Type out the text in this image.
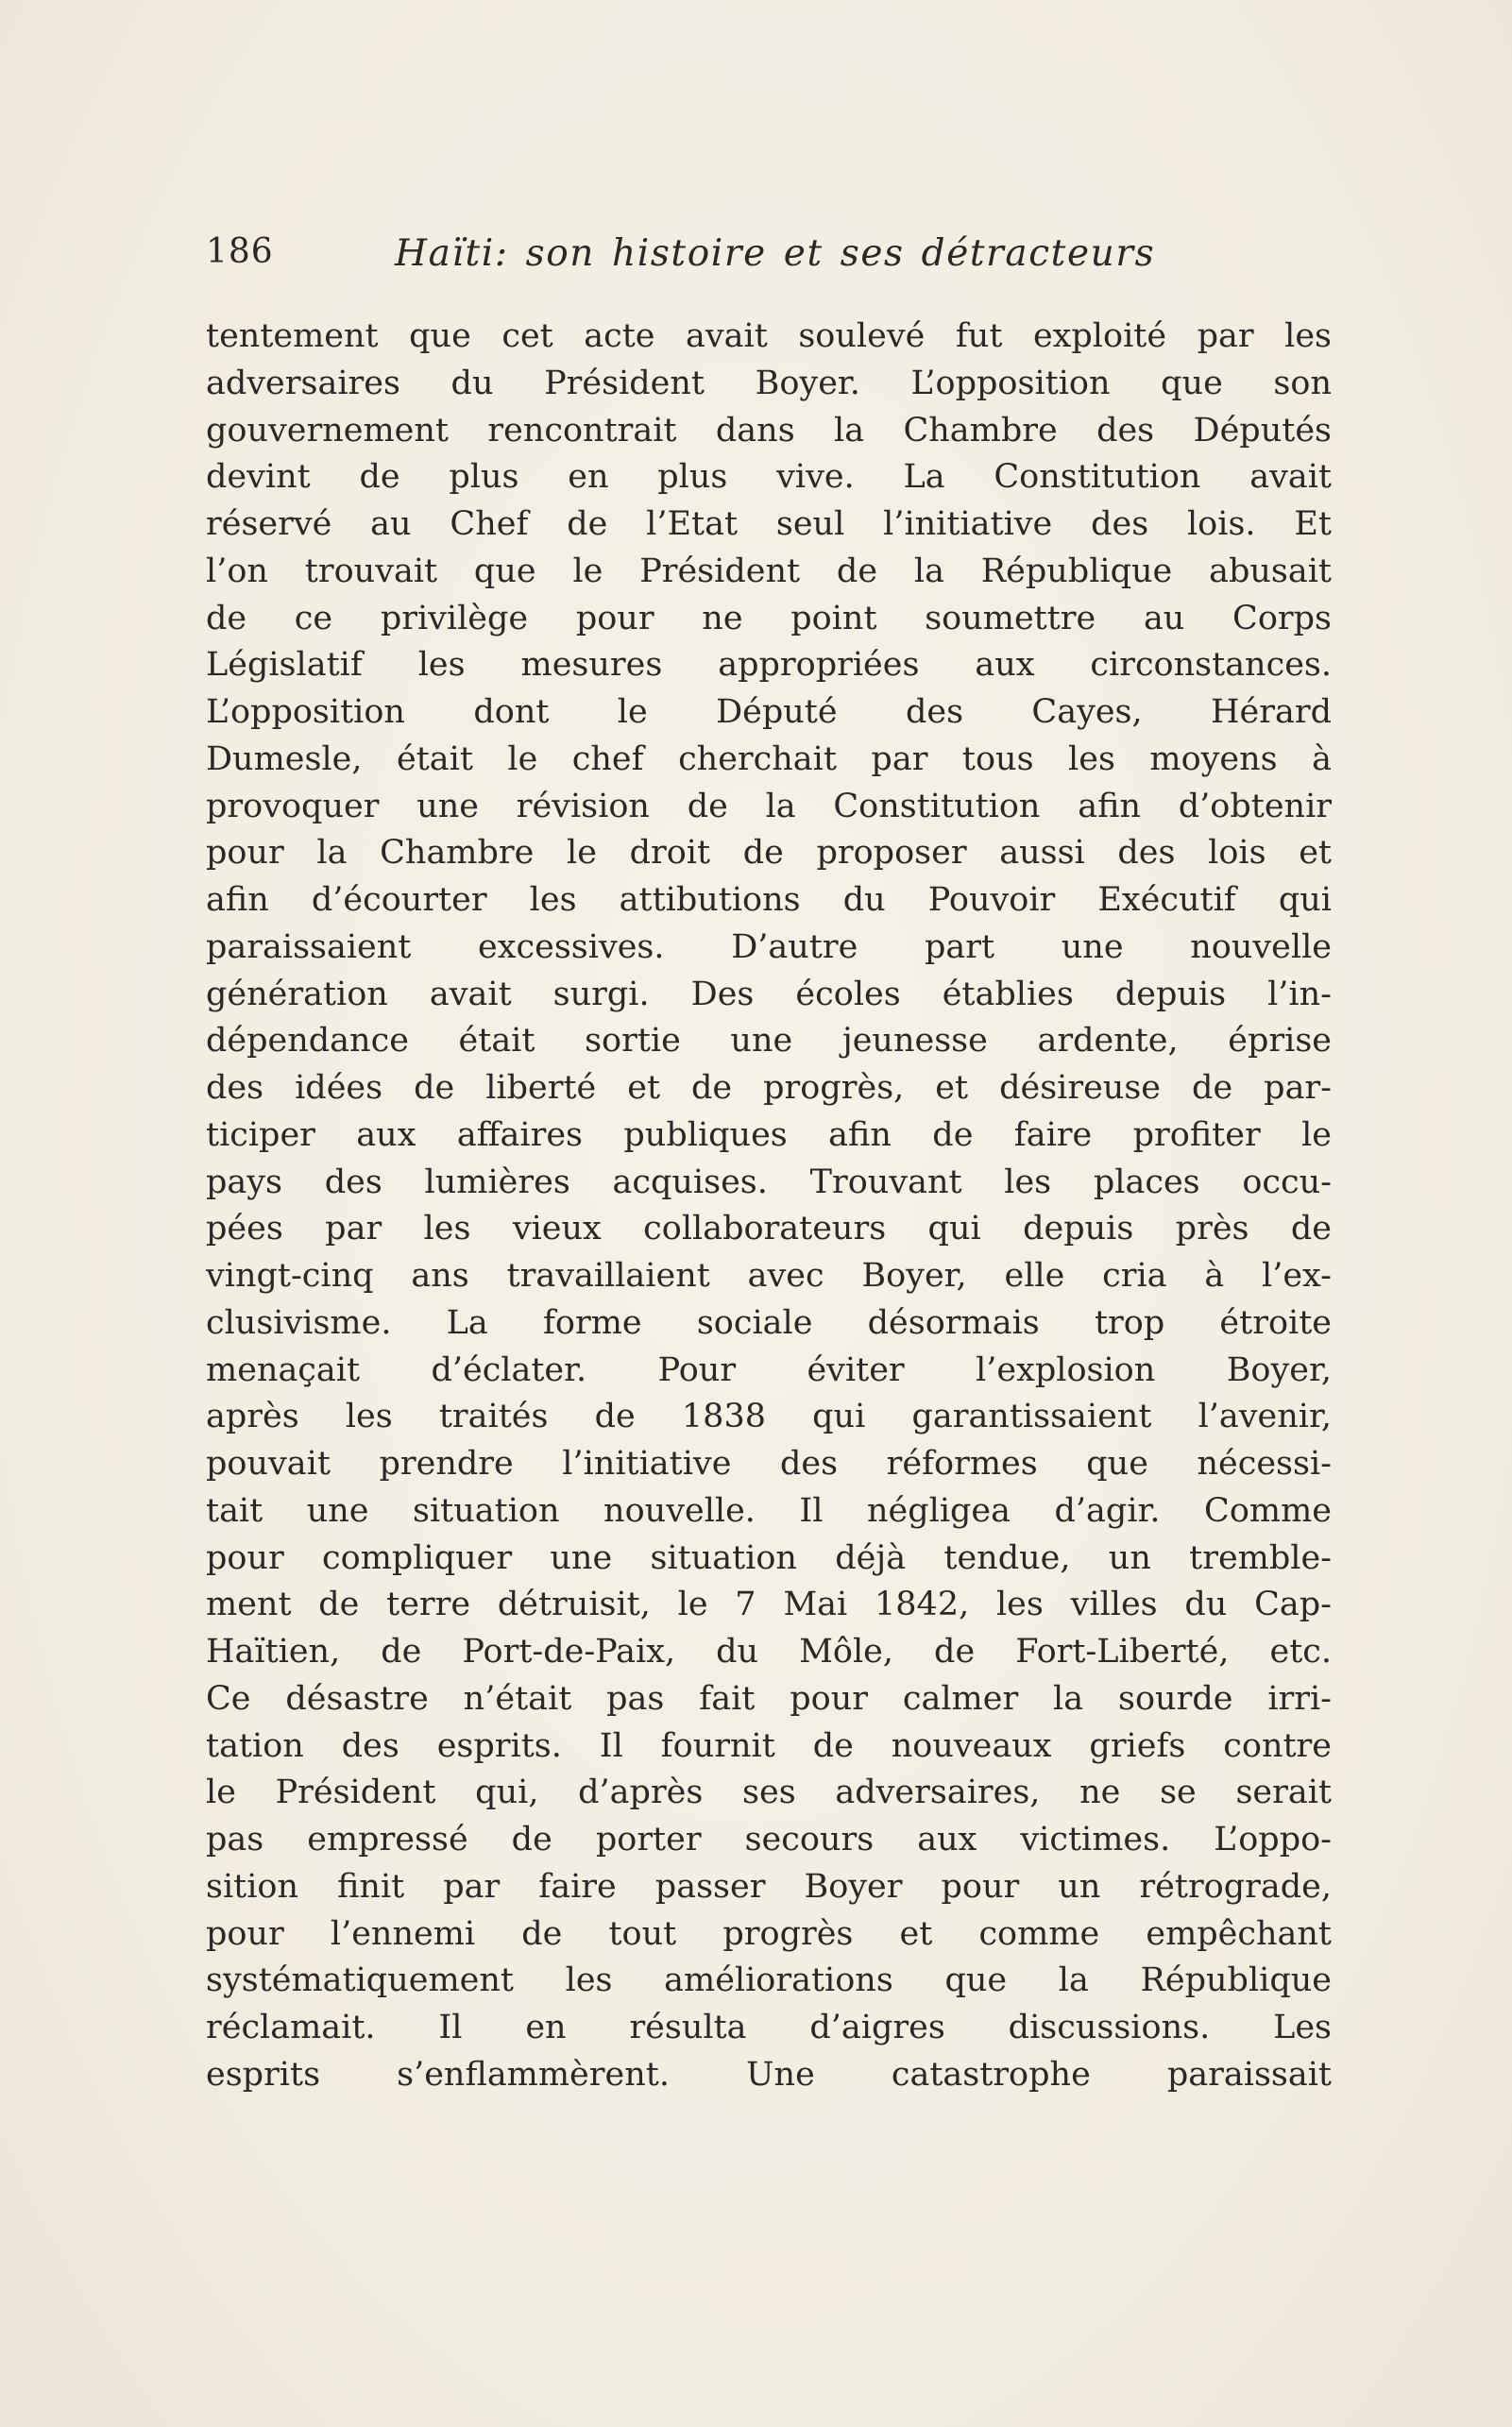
186	Haïti: son histoire et ses détracteurs
tentement que cet acte avait soulevé fut exploité par les
adversaires du Président Boyer. L’opposition que son
gouvernement rencontrait dans la Chambre des Députés
devint de plus en plus vive. La Constitution avait
réservé au Chef de l’Etat seul l’initiative des lois. Et
l’on trouvait que le Président de la République abusait
de ce privilège pour ne point soumettre au Corps
Législatif les mesures appropriées aux circonstances.
L’opposition dont le Député des Cayes, Hérard
Dumesle, était le chef cherchait par tous les moyens à
provoquer une révision de la Constitution afin d’obtenir
pour la Chambre le droit de proposer aussi des lois et
afin d’écourter les attibutions du Pouvoir Exécutif qui
paraissaient excessives. D’autre part une nouvelle
génération avait surgi. Des écoles établies depuis l’in-
dépendance était sortie une jeunesse ardente, éprise
des idées de liberté et de progrès, et désireuse de par-
ticiper aux affaires publiques afin de faire profiter le
pays des lumières acquises. Trouvant les places occu-
pées par les vieux collaborateurs qui depuis près de
vingt-cinq ans travaillaient avec Boyer, elle cria à l’ex-
clusivisme. La forme sociale désormais trop étroite
menaçait d’éclater. Pour éviter l’explosion Boyer,
après les traités de 1838 qui garantissaient l’avenir,
pouvait prendre l’initiative des réformes que nécessi-
tait une situation nouvelle. Il négligea d’agir. Comme
pour compliquer une situation déjà tendue, un tremble-
ment de terre détruisit, le 7 Mai 1842, les villes du Cap-
Haïtien, de Port-de-Paix, du Môle, de Fort-Liberté, etc.
Ce désastre n’était pas fait pour calmer la sourde irri-
tation des esprits. Il fournit de nouveaux griefs contre
le Président qui, d’après ses adversaires, ne se serait
pas empressé de porter secours aux victimes. L’oppo-
sition finit par faire passer Boyer pour un rétrograde,
pour l’ennemi de tout progrès et comme empêchant
systématiquement les améliorations que la République
réclamait. Il en résulta d’aigres discussions. Les
esprits s’enflammèrent. Une catastrophe paraissait
